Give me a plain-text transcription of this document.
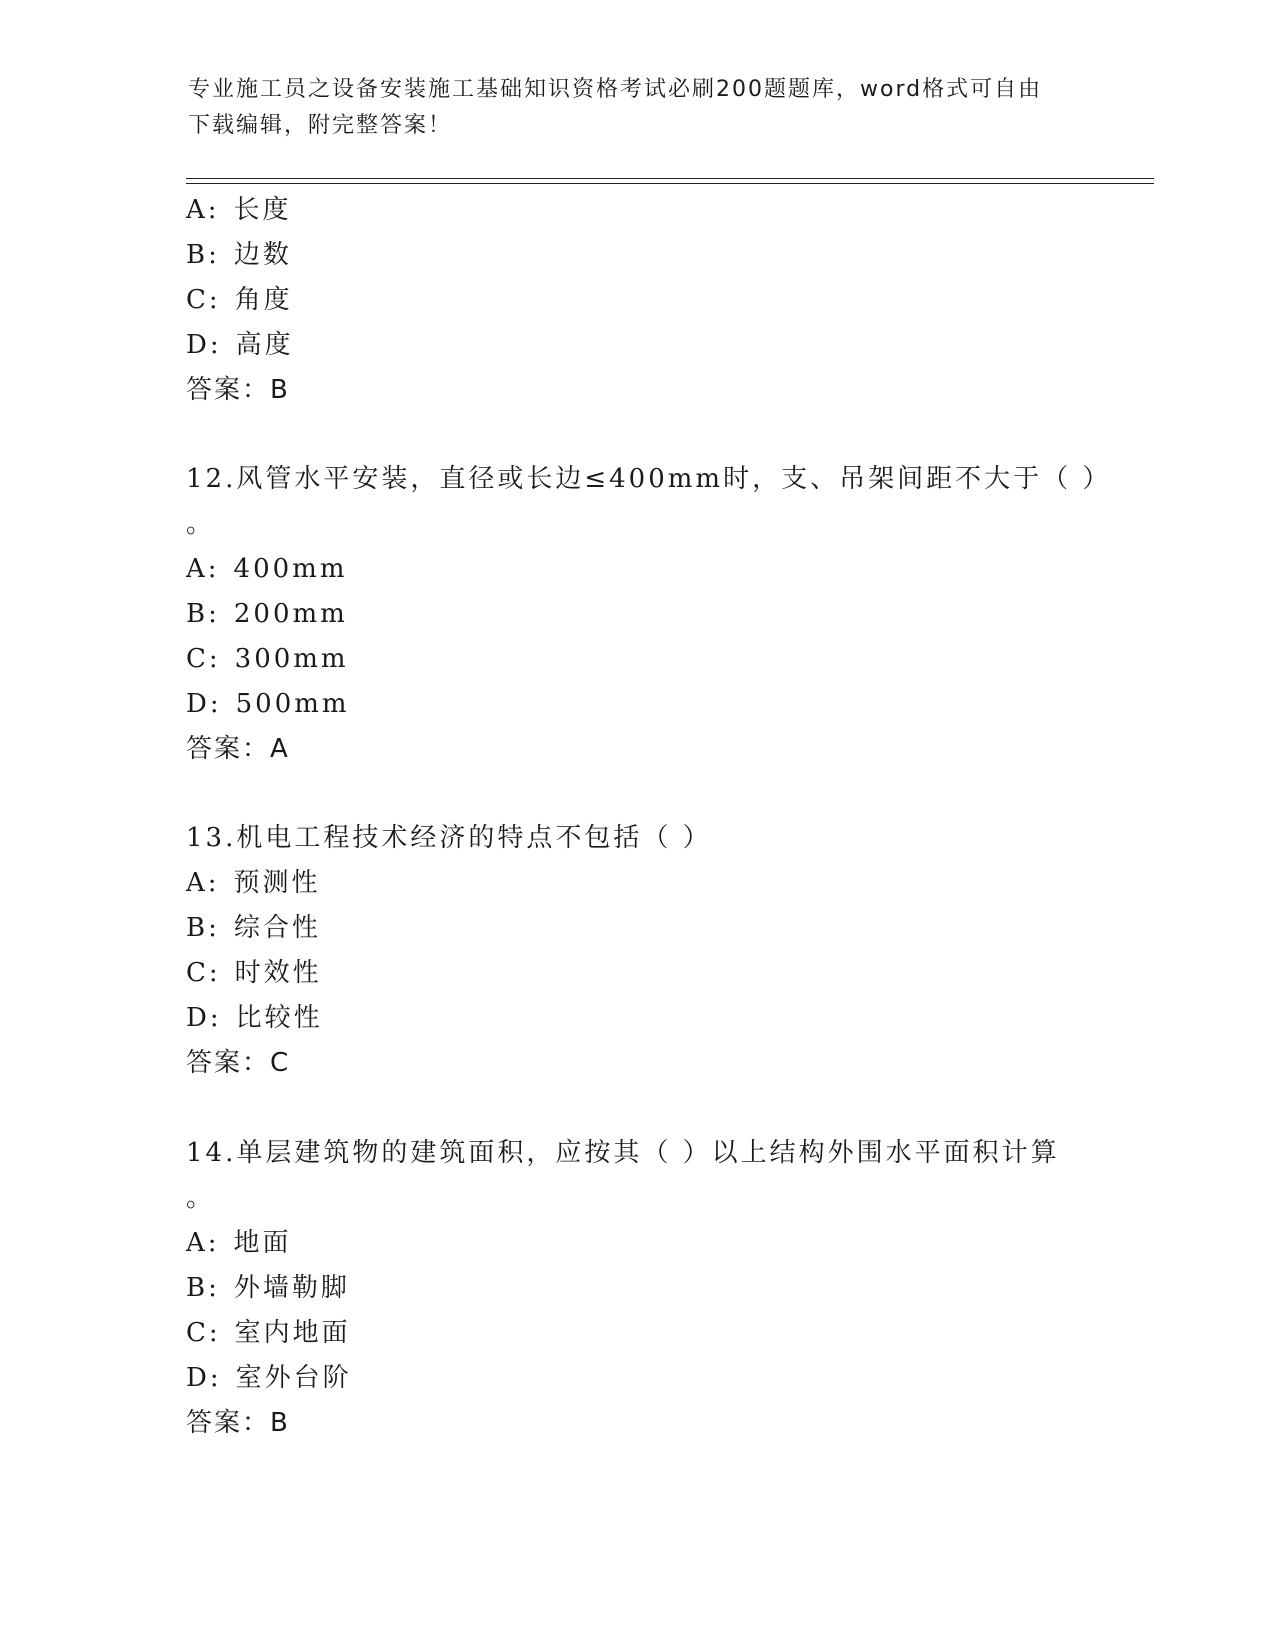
专业施工员之设备安装施工基础知识资格考试必刷200题题库，word格式可自由
下载编辑，附完整答案！
A: 长度
B: 边数
C: 角度
D: 高度
答案：B
12.风管水平安装，直径或长边≤400mm时，支、吊架间距不大于（ ）
。
A: 400mm
B: 200mm
C: 300mm
D: 500mm
答案：A
13.机电工程技术经济的特点不包括（ ）
A: 预测性
B: 综合性
C: 时效性
D: 比较性
答案：C
14.单层建筑物的建筑面积，应按其（ ）以上结构外围水平面积计算
。
A: 地面
B: 外墙勒脚
C: 室内地面
D: 室外台阶
答案：B
